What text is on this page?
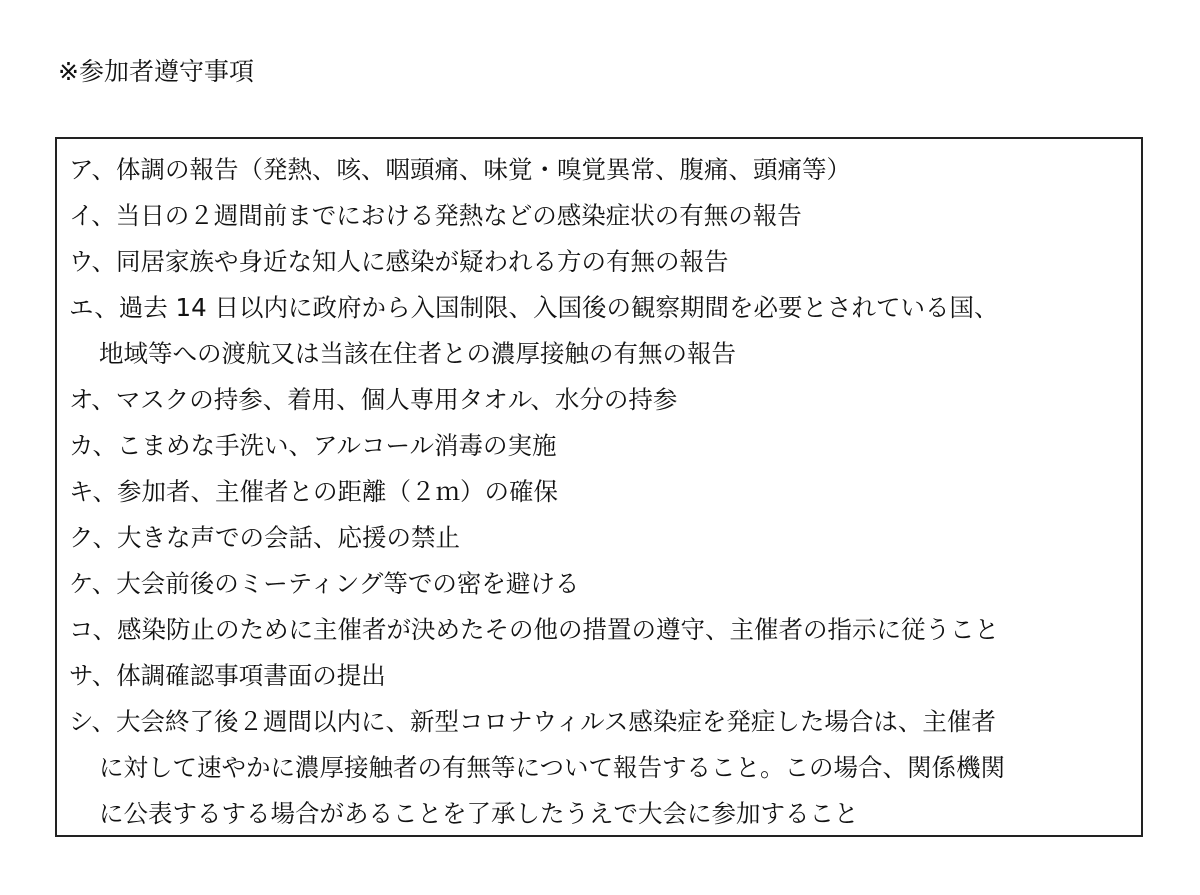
※参加者遵守事項
ア、体調の報告（発熱、咳、咽頭痛、味覚・嗅覚異常、腹痛、頭痛等）
イ、当日の２週間前までにおける発熱などの感染症状の有無の報告
ウ、同居家族や身近な知人に感染が疑われる方の有無の報告
エ、過去 14 日以内に政府から入国制限、入国後の観察期間を必要とされている国、
地域等への渡航又は当該在住者との濃厚接触の有無の報告
オ、マスクの持参、着用、個人専用タオル、水分の持参
カ、こまめな手洗い、アルコール消毒の実施
キ、参加者、主催者との距離（２ｍ）の確保
ク、大きな声での会話、応援の禁止
ケ、大会前後のミーティング等での密を避ける
コ、感染防止のために主催者が決めたその他の措置の遵守、主催者の指示に従うこと
サ、体調確認事項書面の提出
シ、大会終了後２週間以内に、新型コロナウィルス感染症を発症した場合は、主催者
に対して速やかに濃厚接触者の有無等について報告すること。この場合、関係機関
に公表するする場合があることを了承したうえで大会に参加すること
